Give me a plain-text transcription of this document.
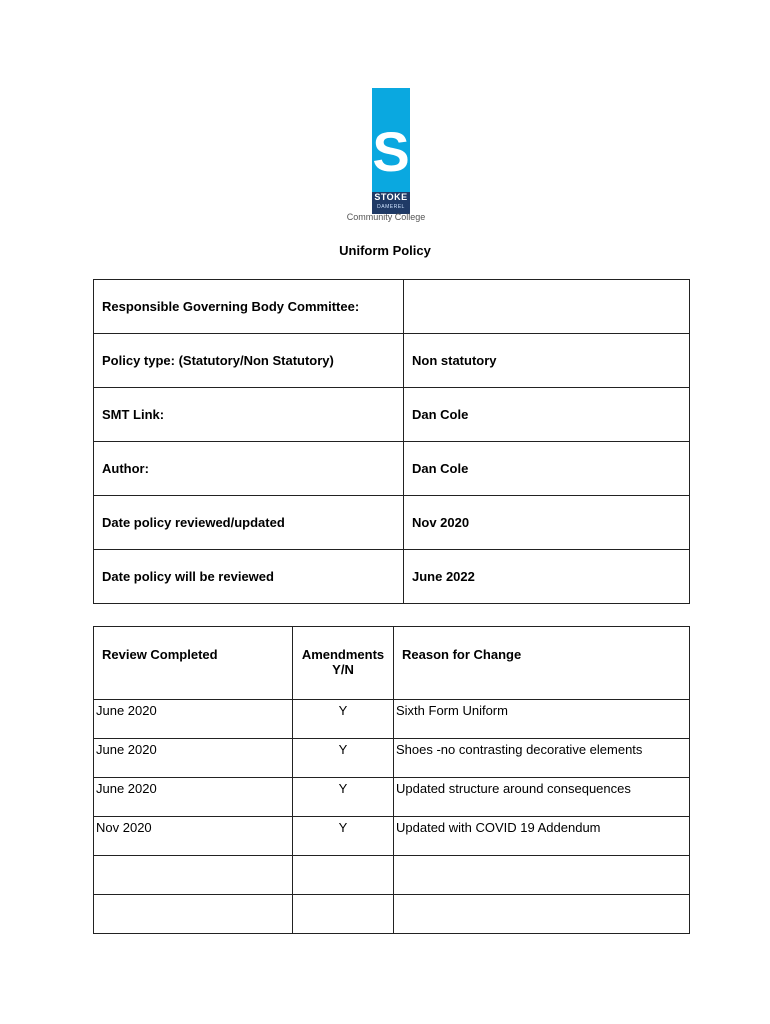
S
STOKE
DAMEREL
Community College
Uniform Policy
Responsible Governing Body Committee:	
Policy type: (Statutory/Non Statutory)	Non statutory
SMT Link:	Dan Cole
Author:	Dan Cole
Date policy reviewed/updated	Nov 2020
Date policy will be reviewed	June 2022
Review Completed	Amendments Y/N	Reason for Change
June 2020	Y	Sixth Form Uniform
June 2020	Y	Shoes -no contrasting decorative elements
June 2020	Y	Updated structure around consequences
Nov 2020	Y	Updated with COVID 19 Addendum
